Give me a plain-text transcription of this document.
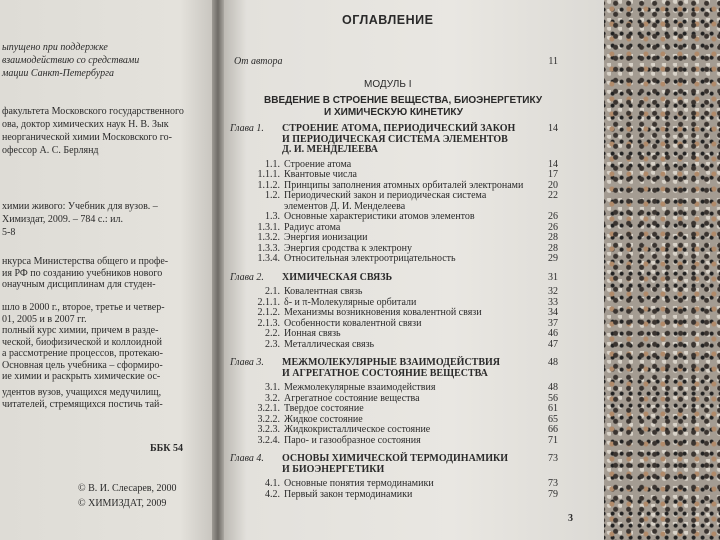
ыпущено при поддержке
взаимодействию со средствами
мации Санкт-Петербурга
факультета Московского государственного
ова, доктор химических наук Н. В. Зык
неорганической химии Московского го-
офессор А. С. Берлянд
химии живого: Учебник для вузов. –
Химиздат, 2009. – 784 с.: ил.
5-8
нкурса Министерства общего и профе-
ия РФ по созданию учебников нового
онаучным дисциплинам для студен-
шло в 2000 г., второе, третье и четвер-
01, 2005 и в 2007 гг.
полный курс химии, причем в разде-
ческой, биофизической и коллоидной
а рассмотрение процессов, протекаю-
Основная цель учебника – сформиро-
ие химии и раскрыть химические ос-
удентов вузов, учащихся медучилищ,
читателей, стремящихся постичь тай-
ББК 54
© В. И. Слесарев, 2000
© ХИМИЗДАТ, 2009
ОГЛАВЛЕНИЕ
От автора	11
МОДУЛЬ I
ВВЕДЕНИЕ В СТРОЕНИЕ ВЕЩЕСТВА, БИОЭНЕРГЕТИКУ
И ХИМИЧЕСКУЮ КИНЕТИКУ
Глава 1.	14
СТРОЕНИЕ АТОМА, ПЕРИОДИЧЕСКИЙ ЗАКОН
И ПЕРИОДИЧЕСКАЯ СИСТЕМА ЭЛЕМЕНТОВ
Д. И. МЕНДЕЛЕЕВА
1.1. Строение атома	14
1.1.1. Квантовые числа	17
1.1.2. Принципы заполнения атомных орбиталей электронами 20
1.2. Периодический закон и периодическая система	22
элементов Д. И. Менделеева
1.3. Основные характеристики атомов элементов	26
1.3.1. Радиус атома	26
1.3.2. Энергия ионизации	28
1.3.3. Энергия сродства к электрону	28
1.3.4. Относительная электроотрицательность	29
Глава 2.	31
ХИМИЧЕСКАЯ СВЯЗЬ
2.1. Ковалентная связь	32
2.1.1. δ- и π-Молекулярные орбитали	33
2.1.2. Механизмы возникновения ковалентной связи	34
2.1.3. Особенности ковалентной связи	37
2.2. Ионная связь	46
2.3. Металлическая связь	47
Глава 3.	48
МЕЖМОЛЕКУЛЯРНЫЕ ВЗАИМОДЕЙСТВИЯ
И АГРЕГАТНОЕ СОСТОЯНИЕ ВЕЩЕСТВА
3.1. Межмолекулярные взаимодействия	48
3.2. Агрегатное состояние вещества	56
3.2.1. Твердое состояние	61
3.2.2. Жидкое состояние	65
3.2.3. Жидкокристаллическое состояние	66
3.2.4. Паро- и газообразное состояния	71
Глава 4.	73
ОСНОВЫ ХИМИЧЕСКОЙ ТЕРМОДИНАМИКИ
И БИОЭНЕРГЕТИКИ
4.1. Основные понятия термодинамики	73
4.2. Первый закон термодинамики	79
3
